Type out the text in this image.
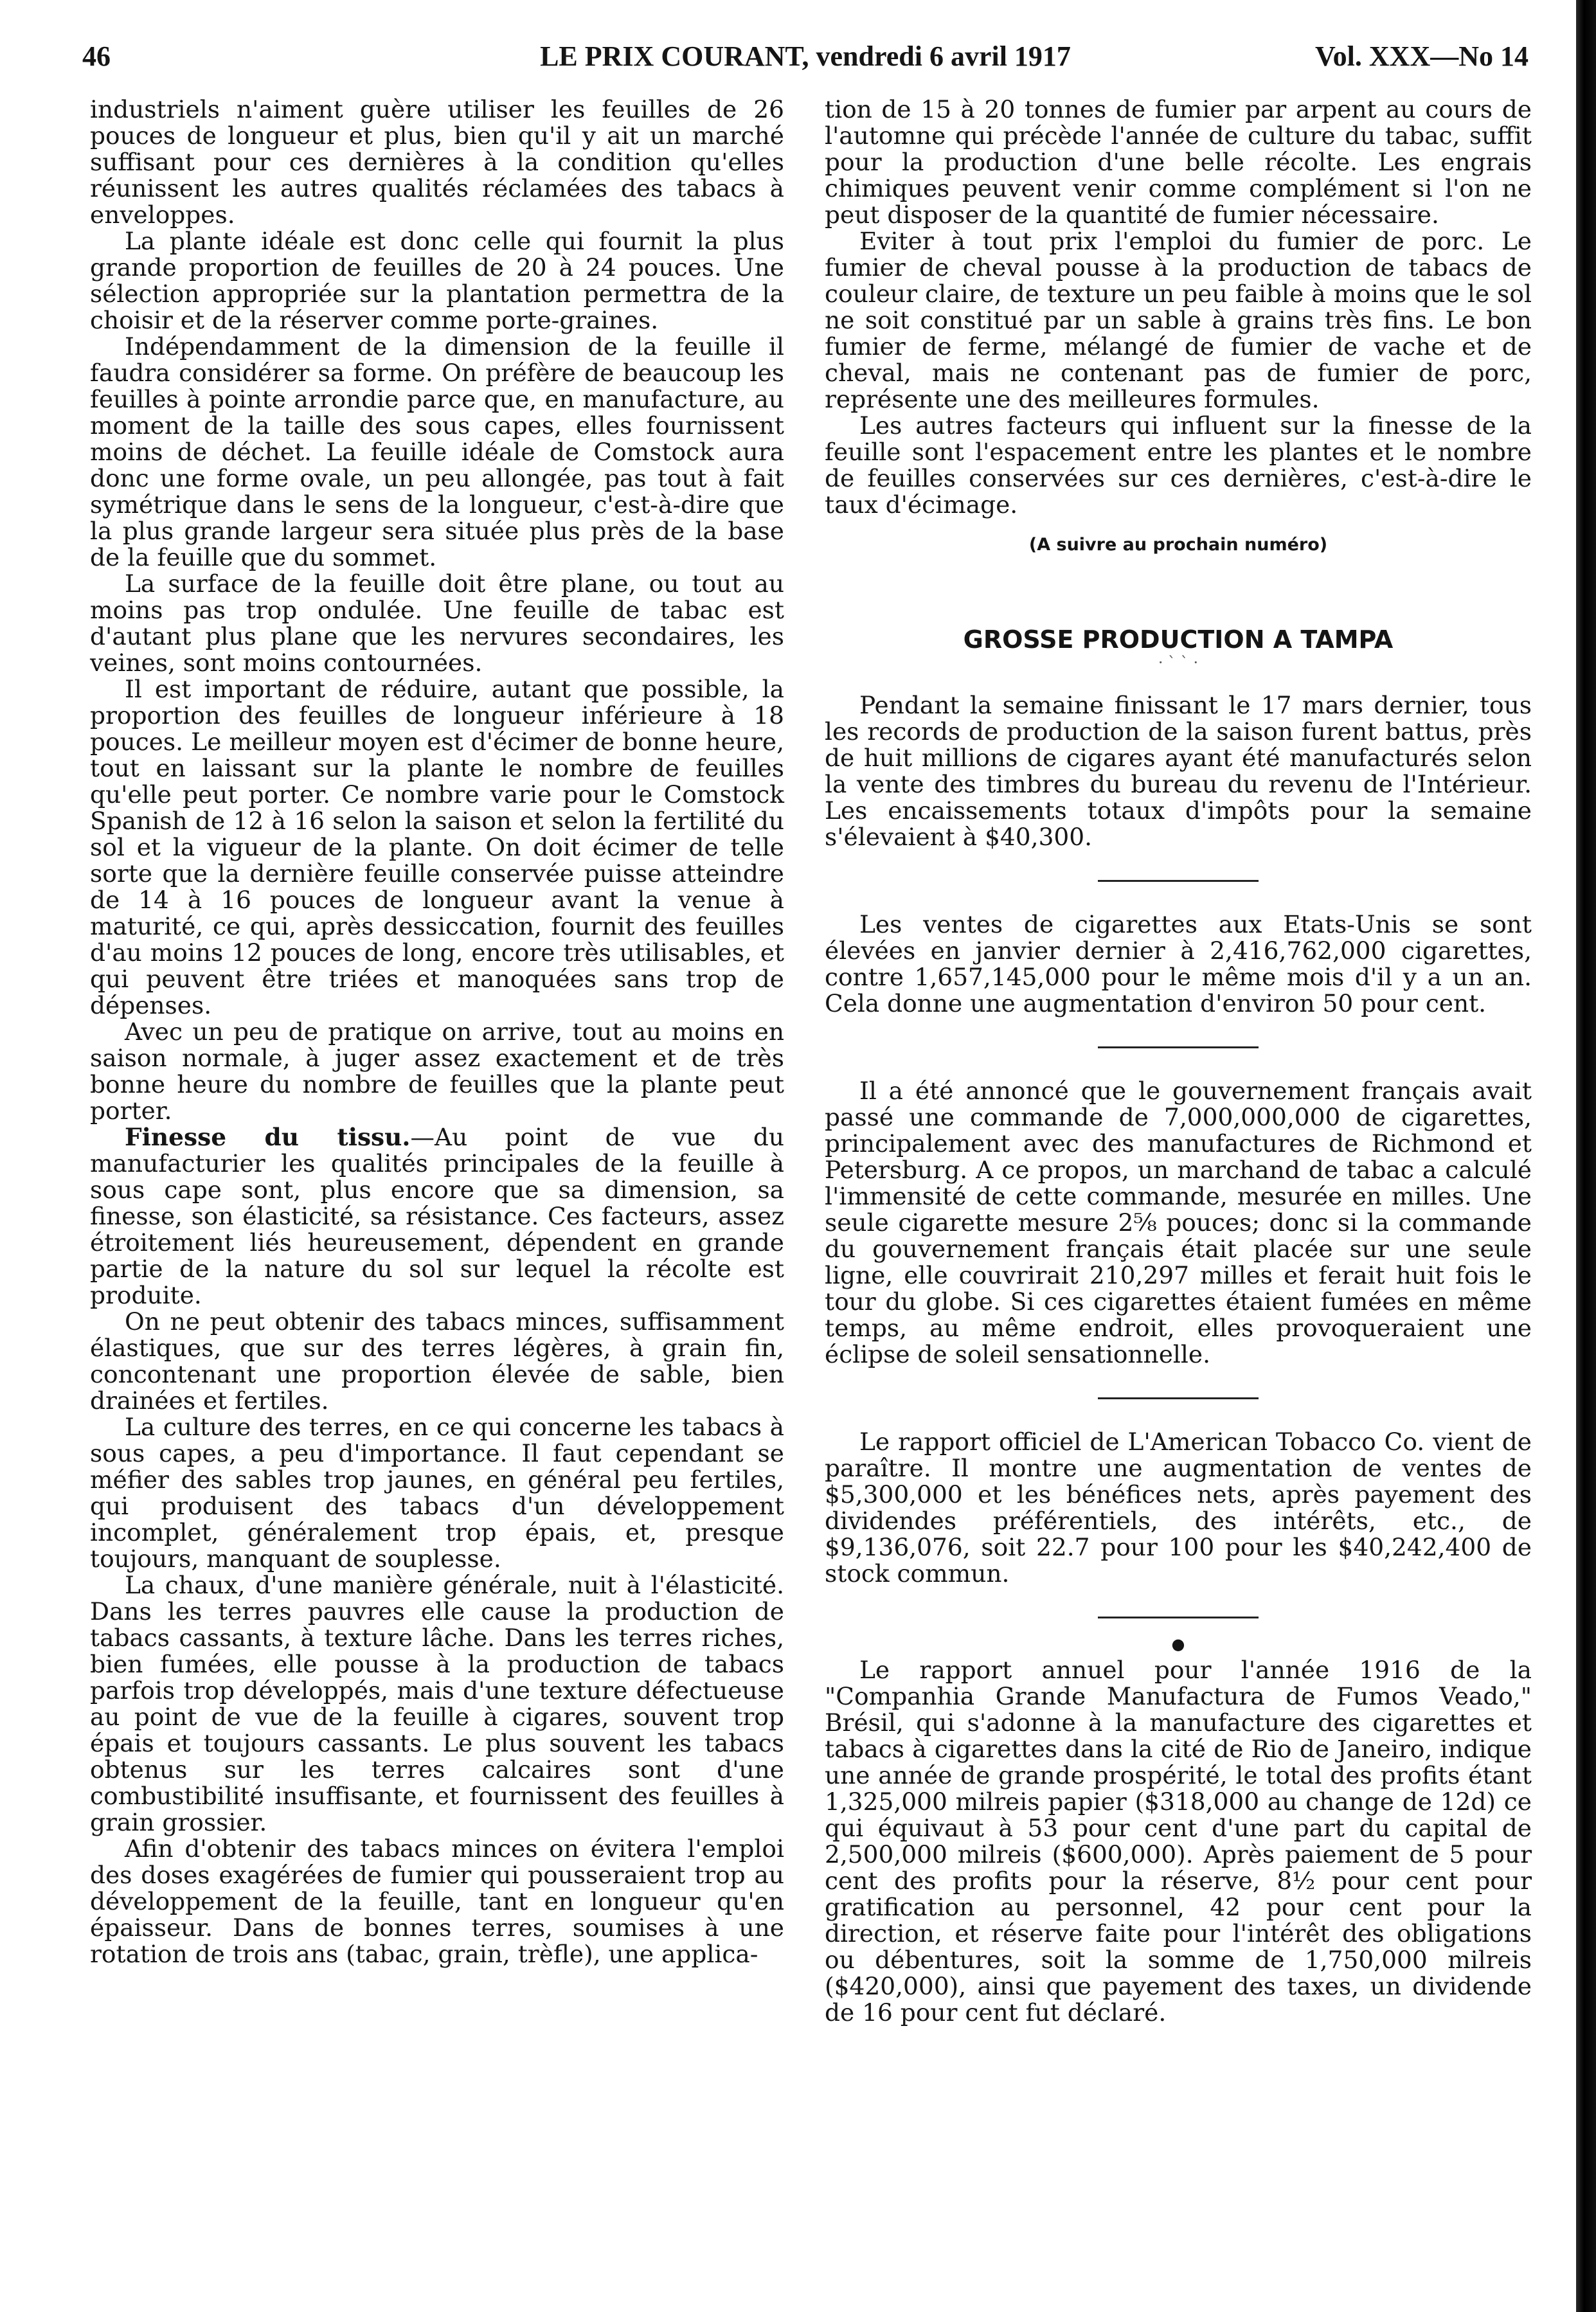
46	LE PRIX COURANT, vendredi 6 avril 1917	Vol. XXX—No 14

industriels n'aiment guère utiliser les feuilles de 26 pouces de longueur et plus, bien qu'il y ait un marché suffisant pour ces dernières à la condition qu'elles réunissent les autres qualités réclamées des tabacs à enveloppes.

La plante idéale est donc celle qui fournit la plus grande proportion de feuilles de 20 à 24 pouces. Une sélection appropriée sur la plantation permettra de la choisir et de la réserver comme porte-graines.

Indépendamment de la dimension de la feuille il faudra considérer sa forme. On préfère de beaucoup les feuilles à pointe arrondie parce que, en manufacture, au moment de la taille des sous capes, elles fournissent moins de déchet. La feuille idéale de Comstock aura donc une forme ovale, un peu allongée, pas tout à fait symétrique dans le sens de la longueur, c'est-à-dire que la plus grande largeur sera située plus près de la base de la feuille que du sommet.

La surface de la feuille doit être plane, ou tout au moins pas trop ondulée. Une feuille de tabac est d'autant plus plane que les nervures secondaires, les veines, sont moins contournées.

Il est important de réduire, autant que possible, la proportion des feuilles de longueur inférieure à 18 pouces. Le meilleur moyen est d'écimer de bonne heure, tout en laissant sur la plante le nombre de feuilles qu'elle peut porter. Ce nombre varie pour le Comstock Spanish de 12 à 16 selon la saison et selon la fertilité du sol et la vigueur de la plante. On doit écimer de telle sorte que la dernière feuille conservée puisse atteindre de 14 à 16 pouces de longueur avant la venue à maturité, ce qui, après dessiccation, fournit des feuilles d'au moins 12 pouces de long, encore très utilisables, et qui peuvent être triées et manoquées sans trop de dépenses.

Avec un peu de pratique on arrive, tout au moins en saison normale, à juger assez exactement et de très bonne heure du nombre de feuilles que la plante peut porter.

Finesse du tissu.—Au point de vue du manufacturier les qualités principales de la feuille à sous cape sont, plus encore que sa dimension, sa finesse, son élasticité, sa résistance. Ces facteurs, assez étroitement liés heureusement, dépendent en grande partie de la nature du sol sur lequel la récolte est produite.

On ne peut obtenir des tabacs minces, suffisamment élastiques, que sur des terres légères, à grain fin, concontenant une proportion élevée de sable, bien drainées et fertiles.

La culture des terres, en ce qui concerne les tabacs à sous capes, a peu d'importance. Il faut cependant se méfier des sables trop jaunes, en général peu fertiles, qui produisent des tabacs d'un développement incomplet, généralement trop épais, et, presque toujours, manquant de souplesse.

La chaux, d'une manière générale, nuit à l'élasticité. Dans les terres pauvres elle cause la production de tabacs cassants, à texture lâche. Dans les terres riches, bien fumées, elle pousse à la production de tabacs parfois trop développés, mais d'une texture défectueuse au point de vue de la feuille à cigares, souvent trop épais et toujours cassants. Le plus souvent les tabacs obtenus sur les terres calcaires sont d'une combustibilité insuffisante, et fournissent des feuilles à grain grossier.

Afin d'obtenir des tabacs minces on évitera l'emploi des doses exagérées de fumier qui pousseraient trop au développement de la feuille, tant en longueur qu'en épaisseur. Dans de bonnes terres, soumises à une rotation de trois ans (tabac, grain, trèfle), une applica-

tion de 15 à 20 tonnes de fumier par arpent au cours de l'automne qui précède l'année de culture du tabac, suffit pour la production d'une belle récolte. Les engrais chimiques peuvent venir comme complément si l'on ne peut disposer de la quantité de fumier nécessaire.

Eviter à tout prix l'emploi du fumier de porc. Le fumier de cheval pousse à la production de tabacs de couleur claire, de texture un peu faible à moins que le sol ne soit constitué par un sable à grains très fins. Le bon fumier de ferme, mélangé de fumier de vache et de cheval, mais ne contenant pas de fumier de porc, représente une des meilleures formules.

Les autres facteurs qui influent sur la finesse de la feuille sont l'espacement entre les plantes et le nombre de feuilles conservées sur ces dernières, c'est-à-dire le taux d'écimage.

(A suivre au prochain numéro)

GROSSE PRODUCTION A TAMPA
· ` ` ·

Pendant la semaine finissant le 17 mars dernier, tous les records de production de la saison furent battus, près de huit millions de cigares ayant été manufacturés selon la vente des timbres du bureau du revenu de l'Intérieur. Les encaissements totaux d'impôts pour la semaine s'élevaient à $40,300.

Les ventes de cigarettes aux Etats-Unis se sont élevées en janvier dernier à 2,416,762,000 cigarettes, contre 1,657,145,000 pour le même mois d'il y a un an. Cela donne une augmentation d'environ 50 pour cent.

Il a été annoncé que le gouvernement français avait passé une commande de 7,000,000,000 de cigarettes, principalement avec des manufactures de Richmond et Petersburg. A ce propos, un marchand de tabac a calculé l'immensité de cette commande, mesurée en milles. Une seule cigarette mesure 2⅝ pouces; donc si la commande du gouvernement français était placée sur une seule ligne, elle couvrirait 210,297 milles et ferait huit fois le tour du globe. Si ces cigarettes étaient fumées en même temps, au même endroit, elles provoqueraient une éclipse de soleil sensationnelle.

Le rapport officiel de L'American Tobacco Co. vient de paraître. Il montre une augmentation de ventes de $5,300,000 et les bénéfices nets, après payement des dividendes préférentiels, des intérêts, etc., de $9,136,076, soit 22.7 pour 100 pour les $40,242,400 de stock commun.

●

Le rapport annuel pour l'année 1916 de la "Companhia Grande Manufactura de Fumos Veado," Brésil, qui s'adonne à la manufacture des cigarettes et tabacs à cigarettes dans la cité de Rio de Janeiro, indique une année de grande prospérité, le total des profits étant 1,325,000 milreis papier ($318,000 au change de 12d) ce qui équivaut à 53 pour cent d'une part du capital de 2,500,000 milreis ($600,000). Après paiement de 5 pour cent des profits pour la réserve, 8½ pour cent pour gratification au personnel, 42 pour cent pour la direction, et réserve faite pour l'intérêt des obligations ou débentures, soit la somme de 1,750,000 milreis ($420,000), ainsi que payement des taxes, un dividende de 16 pour cent fut déclaré.
